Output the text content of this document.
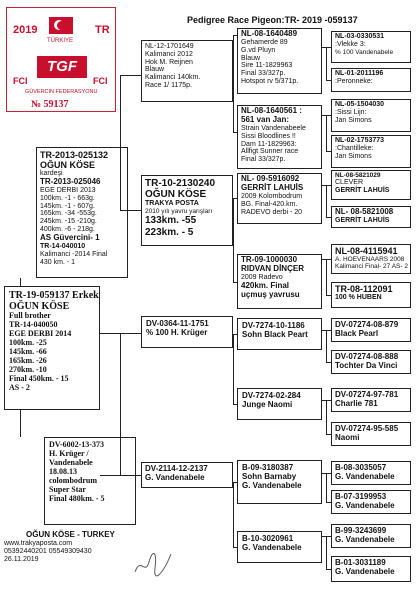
Pedigree Race Pigeon:TR- 2019 -059137
2019	TR
TÜRKIYE
TGF
FCI	FCI
GÜVERCIN FEDERASYONU
№ 59137
TR-2013-025132
OĞUN KÖSE
kardeşi
TR-2013-025046
EGE DERBI 2013
100km. -1 - 663g.
145km. -1 - 607g.
165km. -34 -553g.
245km. -15 -210g.
400km. -6 - 218g.
AS Güvercini- 1
TR-14-040010
Kalimanci -2014 Final
430 km. - 1
TR-19-059137 Erkek
OĞUN KÖSE
Full brother
TR-14-040050
EGE DERBI 2014
100km. -25
145km. -66
165km. -26
270km. -10
Final 450km. - 15
AS - 2
DV-6002-13-373
H. Krüger /
Vandenabele
18.08.13
colombodrum
Super Star
Final 480km. - 5
TR-10-2130240
OĞUN KÖSE
TRAKYA POSTA
2010 yılı yavru yarışları
133km. -55
223km. - 5
DV-0364-11-1751
% 100 H. Krüger
NL-12-1701649
Kalimanci 2012
Hok M. Reijnen
Blauw
Kalimanci 140km.
Race 1/ 1175p.
DV-2114-12-2137
G. Vandenabele
NL-08-1640489
Gehamerde 89
G.vd Pluyn
Blauw
Sire 11-1829963
Final 33/327p.
Hotspot rv 5/371p.
NL-08-1640561 :
561 van Jan:
Strain Vandenabeele
Sissi Bloodlines !!
Dam 11-1829963:
Allfigt Sunner race
Final 33/327p.
NL- 09-5916092
GERRİT LAHUİS
2009 Kolombodrum
BG. Final-420.km.
RADEVO derbi - 20
TR-09-1000030
RIDVAN DİNÇER
2009 Radevo
420km. Final
uçmuş yavrusu
DV-7274-10-1186
Sohn Black Peart
DV-7274-02-284
Junge Naomi
B-09-3180387
Sohn Barnaby
G. Vandenabele
B-10-3020961
G. Vandenabele
NL-03-0330531
:Vlekke 3:
% 100 Vandenabele
NL-01-2011196
:Peronneke:
NL-05-1504030
:Sissi Lijn:
Jan Simons
NL-02-1753773
:Chantilleke:
Jan Simons
NL-08-5821029
CLEVER
GERRİT LAHUİS
NL- 08-5821008
GERRİT LAHUİS
NL-08-4115941
A. HOEVENAARS 2008
Kalimanci Final- 27 AS- 2
TR-08-112091
100 % HUBEN
DV-07274-08-879
Black Pearl
DV-07274-08-888
Tochter Da Vinci
DV-07274-97-781
Charlie 781
DV-07274-95-585
Naomi
B-08-3035057
G. Vandenabele
B-07-3199953
G. Vandenabele
B-99-3243699
G. Vandenabele
B-01-3031189
G. Vandenabele
OĞUN KÖSE - TURKEY
www.trakyaposta.com
05392440201 05549309430
26.11.2019
